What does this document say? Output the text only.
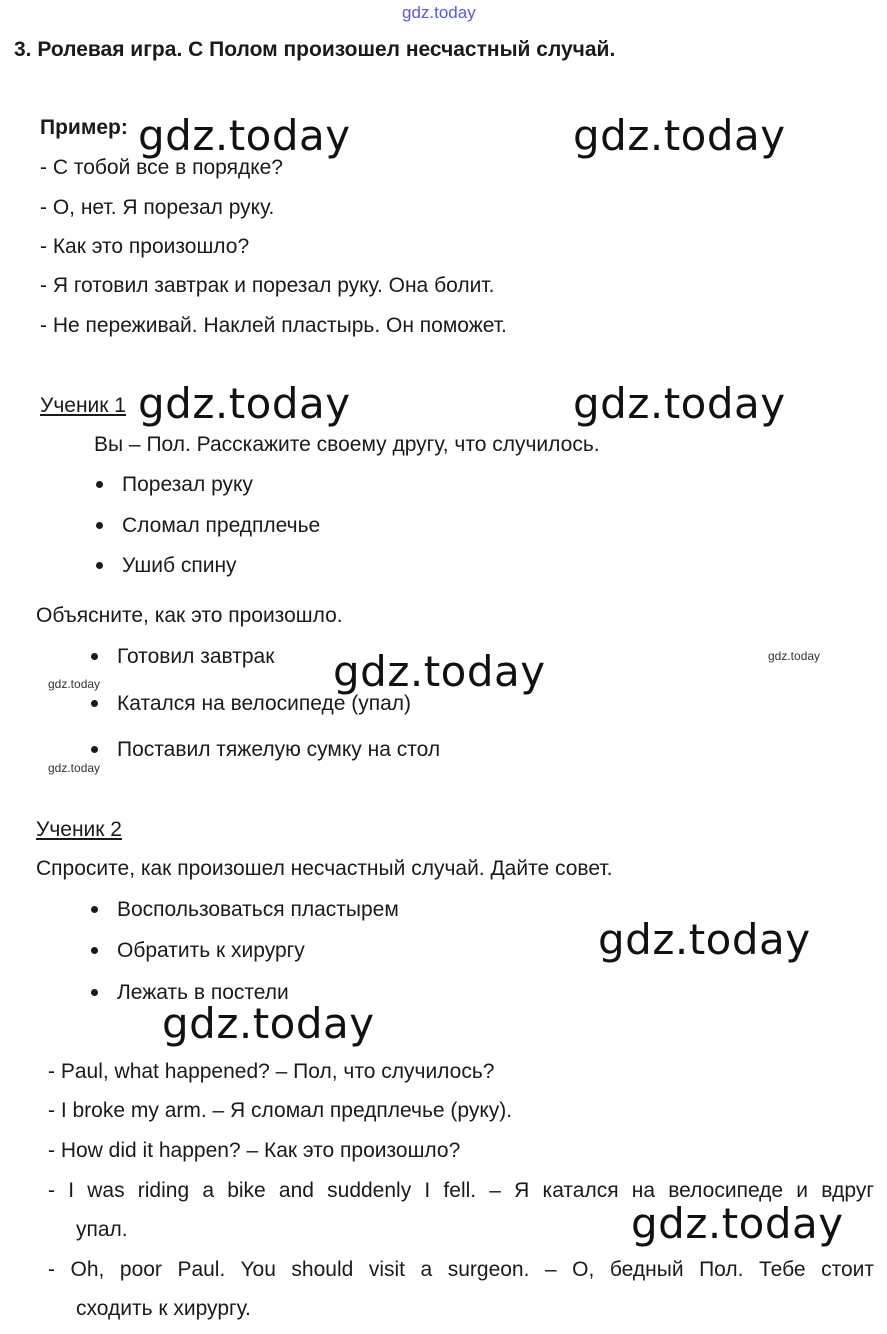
gdz.today
3. Ролевая игра. С Полом произошел несчастный случай.
Пример: gdz.today	gdz.today
- С тобой все в порядке?
- О, нет. Я порезал руку.
- Как это произошло?
- Я готовил завтрак и порезал руку. Она болит.
- Не переживай. Наклей пластырь. Он поможет.
Ученик 1 gdz.today	gdz.today
Вы – Пол. Расскажите своему другу, что случилось.
Порезал руку
Сломал предплечье
Ушиб спину
Объясните, как это произошло.
Готовил завтрак gdz.today	gdz.today
gdz.today
Катался на велосипеде (упал)
Поставил тяжелую сумку на стол
gdz.today
Ученик 2
Спросите, как произошел несчастный случай. Дайте совет.
Воспользоваться пластырем
Обратить к хирургу	gdz.today
Лежать в постели
gdz.today
- Paul, what happened? – Пол, что случилось?
- I broke my arm. – Я сломал предплечье (руку).
- How did it happen? – Как это произошло?
- I was riding a bike and suddenly I fell. – Я катался на велосипеде и вдруг
упал.	gdz.today
- Oh, poor Paul. You should visit a surgeon. – О, бедный Пол. Тебе стоит
сходить к хирургу.
